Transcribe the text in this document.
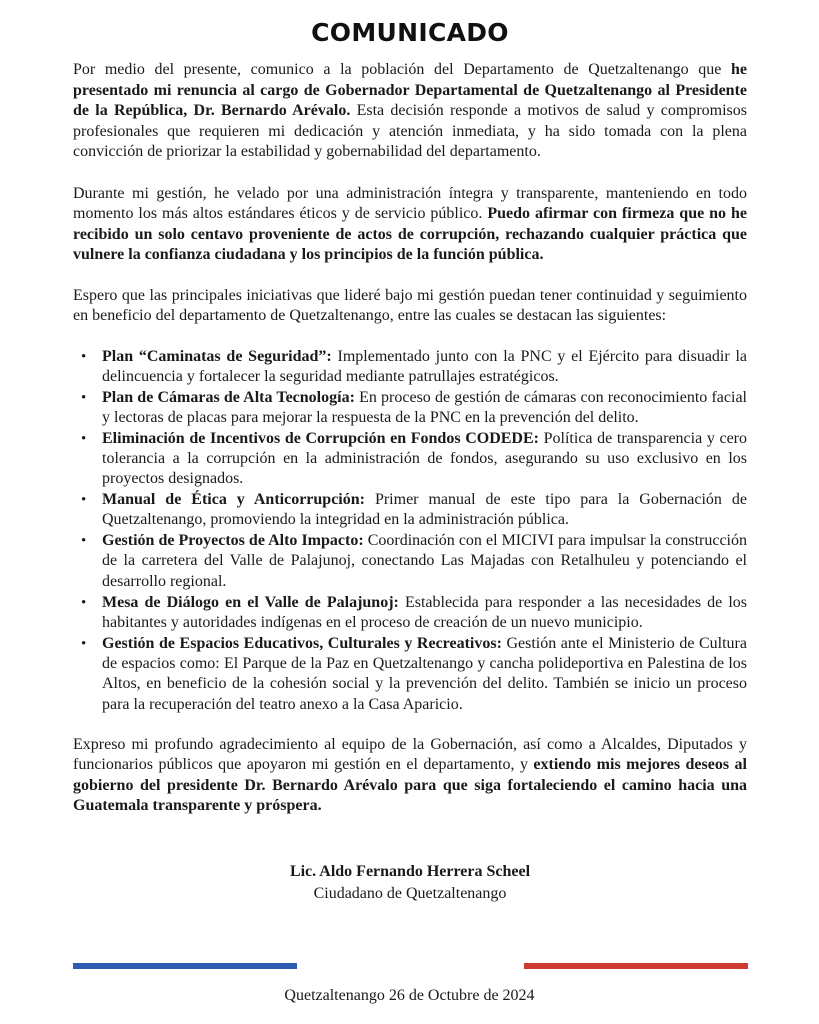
COMUNICADO

Por medio del presente, comunico a la población del Departamento de Quetzaltenango que he presentado mi renuncia al cargo de Gobernador Departamental de Quetzaltenango al Presidente de la República, Dr. Bernardo Arévalo. Esta decisión responde a motivos de salud y compromisos profesionales que requieren mi dedicación y atención inmediata, y ha sido tomada con la plena convicción de priorizar la estabilidad y gobernabilidad del departamento.

Durante mi gestión, he velado por una administración íntegra y transparente, manteniendo en todo momento los más altos estándares éticos y de servicio público. Puedo afirmar con firmeza que no he recibido un solo centavo proveniente de actos de corrupción, rechazando cualquier práctica que vulnere la confianza ciudadana y los principios de la función pública.

Espero que las principales iniciativas que lideré bajo mi gestión puedan tener continuidad y seguimiento en beneficio del departamento de Quetzaltenango, entre las cuales se destacan las siguientes:

• Plan “Caminatas de Seguridad”: Implementado junto con la PNC y el Ejército para disuadir la delincuencia y fortalecer la seguridad mediante patrullajes estratégicos.
• Plan de Cámaras de Alta Tecnología: En proceso de gestión de cámaras con reconocimiento facial y lectoras de placas para mejorar la respuesta de la PNC en la prevención del delito.
• Eliminación de Incentivos de Corrupción en Fondos CODEDE: Política de transparencia y cero tolerancia a la corrupción en la administración de fondos, asegurando su uso exclusivo en los proyectos designados.
• Manual de Ética y Anticorrupción: Primer manual de este tipo para la Gobernación de Quetzaltenango, promoviendo la integridad en la administración pública.
• Gestión de Proyectos de Alto Impacto: Coordinación con el MICIVI para impulsar la construcción de la carretera del Valle de Palajunoj, conectando Las Majadas con Retalhuleu y potenciando el desarrollo regional.
• Mesa de Diálogo en el Valle de Palajunoj: Establecida para responder a las necesidades de los habitantes y autoridades indígenas en el proceso de creación de un nuevo municipio.
• Gestión de Espacios Educativos, Culturales y Recreativos: Gestión ante el Ministerio de Cultura de espacios como: El Parque de la Paz en Quetzaltenango y cancha polideportiva en Palestina de los Altos, en beneficio de la cohesión social y la prevención del delito. También se inicio un proceso para la recuperación del teatro anexo a la Casa Aparicio.

Expreso mi profundo agradecimiento al equipo de la Gobernación, así como a Alcaldes, Diputados y funcionarios públicos que apoyaron mi gestión en el departamento, y extiendo mis mejores deseos al gobierno del presidente Dr. Bernardo Arévalo para que siga fortaleciendo el camino hacia una Guatemala transparente y próspera.

Lic. Aldo Fernando Herrera Scheel
Ciudadano de Quetzaltenango
Quetzaltenango 26 de Octubre de 2024
